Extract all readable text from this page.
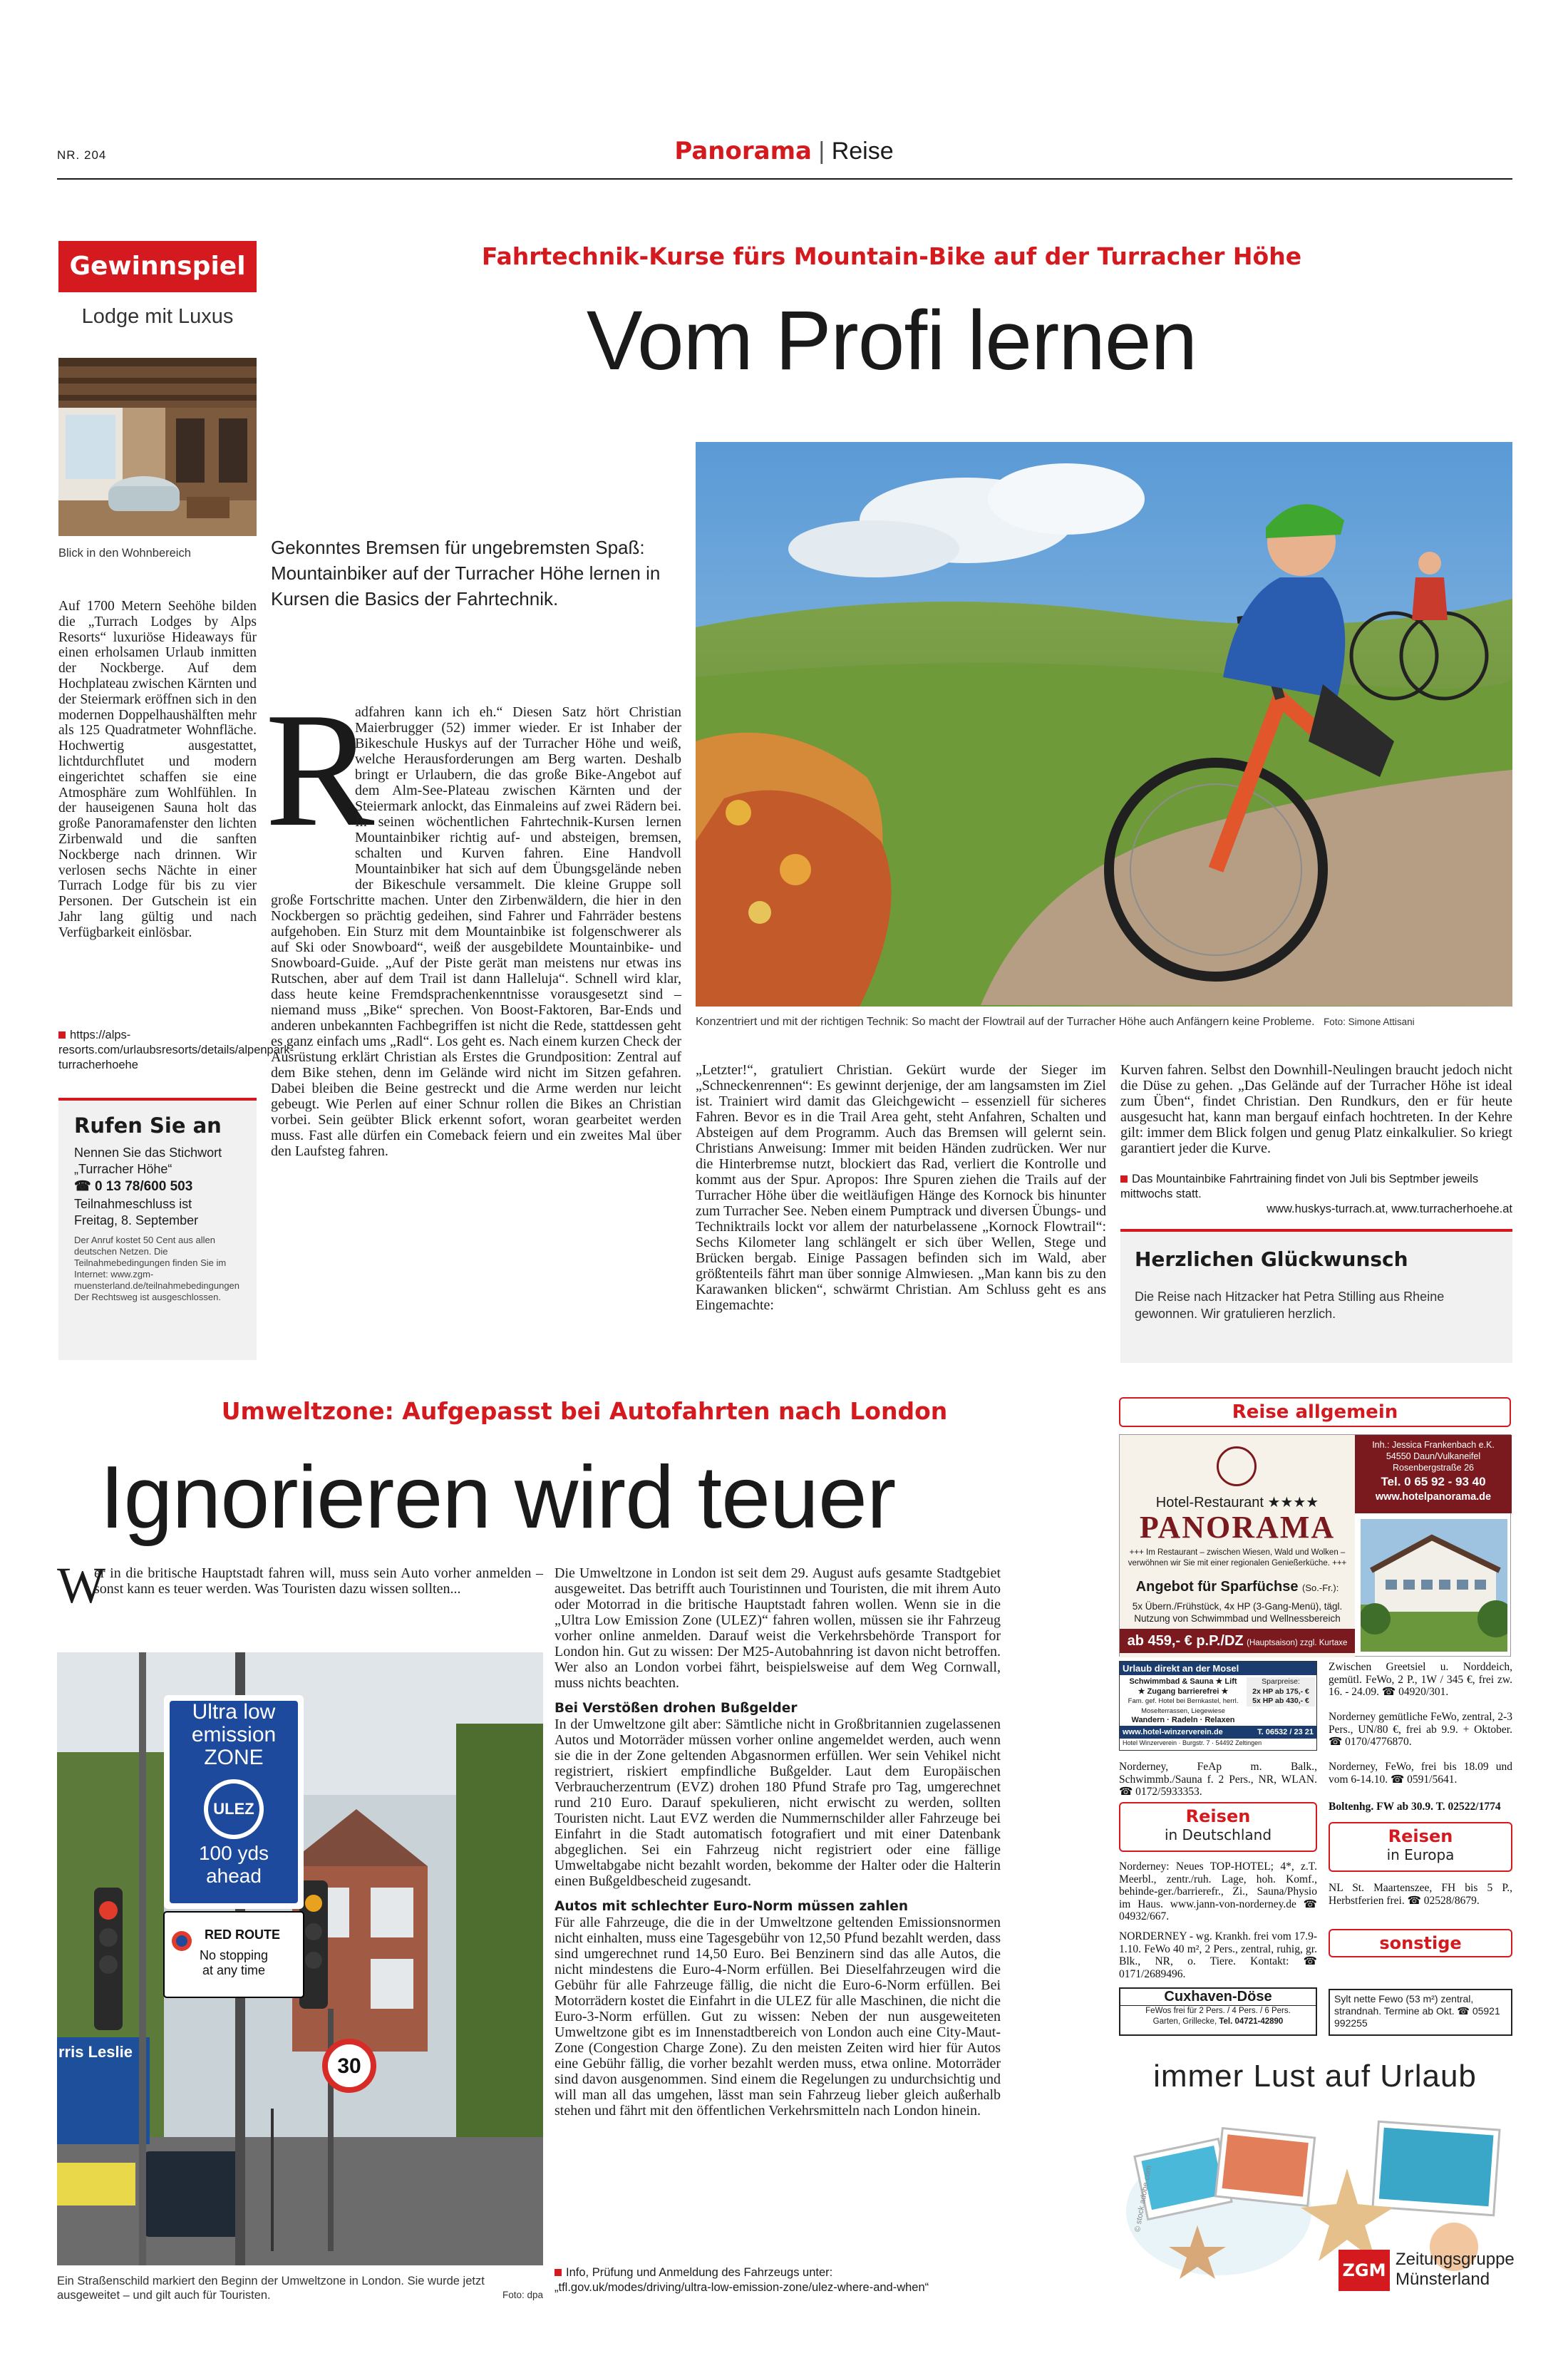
NR. 204	Panorama | Reise
Gewinnspiel
Lodge mit Luxus
Blick in den Wohnbereich

Auf 1700 Metern Seehöhe bilden die „Turrach Lodges by Alps Resorts“ luxuriöse Hideaways für einen erholsamen Urlaub inmitten der Nockberge. Auf dem Hochplateau zwischen Kärnten und der Steiermark eröffnen sich in den modernen Doppelhaushälften mehr als 125 Quadratmeter Wohnfläche. Hochwertig ausgestattet, lichtdurchflutet und modern eingerichtet schaffen sie eine Atmosphäre zum Wohlfühlen. In der hauseigenen Sauna holt das große Panoramafenster den lichten Zirbenwald und die sanften Nockberge nach drinnen. Wir verlosen sechs Nächte in einer Turrach Lodge für bis zu vier Personen. Der Gutschein ist ein Jahr lang gültig und nach Verfügbarkeit einlösbar.

https://alps-resorts.com/urlaubsresorts/details/alpenpark-turracherhoehe
Rufen Sie an
Nennen Sie das Stichwort
„Turracher Höhe“
☎ 0 13 78/600 503
Teilnahmeschluss ist
Freitag, 8. September
Der Anruf kostet 50 Cent aus allen deutschen Netzen. Die Teilnahmebedingungen finden Sie im Internet: www.zgm-muensterland.de/teilnahmebedingungen Der Rechtsweg ist ausgeschlossen.
Fahrtechnik-Kurse fürs Mountain-Bike auf der Turracher Höhe
Vom Profi lernen
Gekonntes Bremsen für ungebremsten Spaß: Mountainbiker auf der Turracher Höhe lernen in Kursen die Basics der Fahrtechnik.
Konzentriert und mit der richtigen Technik: So macht der Flowtrail auf der Turracher Höhe auch Anfängern keine Probleme. Foto: Simone Attisani
R

adfahren kann ich eh.“ Diesen Satz hört Christian Maierbrugger (52) immer wieder. Er ist Inhaber der Bikeschule Huskys auf der Turracher Höhe und weiß, welche Herausforderungen am Berg warten. Deshalb bringt er Urlaubern, die das große Bike-Angebot auf dem Alm-See-Plateau zwischen Kärnten und der Steiermark anlockt, das Einmaleins auf zwei Rädern bei. In seinen wöchentlichen Fahrtechnik-Kursen lernen Mountainbiker richtig auf- und absteigen, bremsen, schalten und Kurven fahren. Eine Handvoll Mountainbiker hat sich auf dem Übungsgelände neben der Bikeschule versammelt. Die kleine Gruppe soll große Fortschritte machen. Unter den Zirbenwäldern, die hier in den Nockbergen so prächtig gedeihen, sind Fahrer und Fahrräder bestens aufgehoben. Ein Sturz mit dem Mountainbike ist folgenschwerer als auf Ski oder Snowboard“, weiß der ausgebildete Mountainbike- und Snowboard-Guide. „Auf der Piste gerät man meistens nur etwas ins Rutschen, aber auf dem Trail ist dann Halleluja“. Schnell wird klar, dass heute keine Fremdsprachenkenntnisse vorausgesetzt sind – niemand muss „Bike“ sprechen. Von Boost-Faktoren, Bar-Ends und anderen unbekannten Fachbegriffen ist nicht die Rede, stattdessen geht es ganz einfach ums „Radl“. Los geht es. Nach einem kurzen Check der Ausrüstung erklärt Christian als Erstes die Grundposition: Zentral auf dem Bike stehen, denn im Gelände wird nicht im Sitzen gefahren. Dabei bleiben die Beine gestreckt und die Arme werden nur leicht gebeugt. Wie Perlen auf einer Schnur rollen die Bikes an Christian vorbei. Sein geübter Blick erkennt sofort, woran gearbeitet werden muss. Fast alle dürfen ein Comeback feiern und ein zweites Mal über den Laufsteg fahren.

„Letzter!“, gratuliert Christian. Gekürt wurde der Sieger im „Schneckenrennen“: Es gewinnt derjenige, der am langsamsten im Ziel ist. Trainiert wird damit das Gleichgewicht – essenziell für sicheres Fahren. Bevor es in die Trail Area geht, steht Anfahren, Schalten und Absteigen auf dem Programm. Auch das Bremsen will gelernt sein. Christians Anweisung: Immer mit beiden Händen zudrücken. Wer nur die Hinterbremse nutzt, blockiert das Rad, verliert die Kontrolle und kommt aus der Spur. Apropos: Ihre Spuren ziehen die Trails auf der Turracher Höhe über die weitläufigen Hänge des Kornock bis hinunter zum Turracher See. Neben einem Pumptrack und diversen Übungs- und Techniktrails lockt vor allem der naturbelassene „Kornock Flowtrail“: Sechs Kilometer lang schlängelt er sich über Wellen, Stege und Brücken bergab. Einige Passagen befinden sich im Wald, aber größtenteils fährt man über sonnige Almwiesen. „Man kann bis zu den Karawanken blicken“, schwärmt Christian. Am Schluss geht es ans Eingemachte:

Kurven fahren. Selbst den Downhill-Neulingen braucht jedoch nicht die Düse zu gehen. „Das Gelände auf der Turracher Höhe ist ideal zum Üben“, findet Christian. Den Rundkurs, den er für heute ausgesucht hat, kann man bergauf einfach hochtreten. In der Kehre gilt: immer dem Blick folgen und genug Platz einkalkulier. So kriegt garantiert jeder die Kurve.

Das Mountainbike Fahrtraining findet von Juli bis Septmber jeweils mittwochs statt.
www.huskys-turrach.at, www.turracherhoehe.at
Herzlichen Glückwunsch
Die Reise nach Hitzacker hat Petra Stilling aus Rheine gewonnen. Wir gratulieren herzlich.
Umweltzone: Aufgepasst bei Autofahrten nach London
Ignorieren wird teuer
W

er in die britische Hauptstadt fahren will, muss sein Auto vorher anmelden – sonst kann es teuer werden. Was Touristen dazu wissen sollten...

Ultra low
emission
ZONE
ULEZ
100 yds
ahead
RED ROUTE
No stopping
at any time
30
rris Leslie
Ein Straßenschild markiert den Beginn der Umweltzone in London. Sie wurde jetzt ausgeweitet – und gilt auch für Touristen.	Foto: dpa

Die Umweltzone in London ist seit dem 29. August aufs gesamte Stadtgebiet ausgeweitet. Das betrifft auch Touristinnen und Touristen, die mit ihrem Auto oder Motorrad in die britische Hauptstadt fahren wollen. Wenn sie in die „Ultra Low Emission Zone (ULEZ)“ fahren wollen, müssen sie ihr Fahrzeug vorher online anmelden. Darauf weist die Verkehrsbehörde Transport for London hin. Gut zu wissen: Der M25-Autobahnring ist davon nicht betroffen. Wer also an London vorbei fährt, beispielsweise auf dem Weg Cornwall, muss nichts beachten.

Bei Verstößen drohen Bußgelder

In der Umweltzone gilt aber: Sämtliche nicht in Großbritannien zugelassenen Autos und Motorräder müssen vorher online angemeldet werden, auch wenn sie die in der Zone geltenden Abgasnormen erfüllen. Wer sein Vehikel nicht registriert, riskiert empfindliche Bußgelder. Laut dem Europäischen Verbraucherzentrum (EVZ) drohen 180 Pfund Strafe pro Tag, umgerechnet rund 210 Euro. Darauf spekulieren, nicht erwischt zu werden, sollten Touristen nicht. Laut EVZ werden die Nummernschilder aller Fahrzeuge bei Einfahrt in die Stadt automatisch fotografiert und mit einer Datenbank abgeglichen. Sei ein Fahrzeug nicht registriert oder eine fällige Umweltabgabe nicht bezahlt worden, bekomme der Halter oder die Halterin einen Bußgeldbescheid zugesandt.

Autos mit schlechter Euro-Norm müssen zahlen

Für alle Fahrzeuge, die die in der Umweltzone geltenden Emissionsnormen nicht einhalten, muss eine Tagesgebühr von 12,50 Pfund bezahlt werden, dass sind umgerechnet rund 14,50 Euro. Bei Benzinern sind das alle Autos, die nicht mindestens die Euro-4-Norm erfüllen. Bei Dieselfahrzeugen wird die Gebühr für alle Fahrzeuge fällig, die nicht die Euro-6-Norm erfüllen. Bei Motorrädern kostet die Einfahrt in die ULEZ für alle Maschinen, die nicht die Euro-3-Norm erfüllen. Gut zu wissen: Neben der nun ausgeweiteten Umweltzone gibt es im Innenstadtbereich von London auch eine City-Maut-Zone (Congestion Charge Zone). Zu den meisten Zeiten wird hier für Autos eine Gebühr fällig, die vorher bezahlt werden muss, etwa online. Motorräder sind davon ausgenommen. Sind einem die Regelungen zu undurchsichtig und will man all das umgehen, lässt man sein Fahrzeug lieber gleich außerhalb stehen und fährt mit den öffentlichen Verkehrsmitteln nach London hinein.

Info, Prüfung und Anmeldung des Fahrzeugs unter:
„tfl.gov.uk/modes/driving/ultra-low-emission-zone/ulez-where-and-when“
Reise allgemein
Inh.: Jessica Frankenbach e.K.
54550 Daun/Vulkaneifel
Rosenbergstraße 26
Tel. 0 65 92 - 93 40
www.hotelpanorama.de
Hotel-Restaurant ★★★★
PANORAMA
+++ Im Restaurant – zwischen Wiesen, Wald und Wolken – verwöhnen wir Sie mit einer regionalen Genießerküche. +++
Angebot für Sparfüchse (So.-Fr.):
5x Übern./Frühstück, 4x HP (3-Gang-Menü), tägl. Nutzung von Schwimmbad und Wellnessbereich
ab 459,- € p.P./DZ (Hauptsaison) zzgl. Kurtaxe
Urlaub direkt an der Mosel
Schwimmbad & Sauna ★ Lift
★ Zugang barrierefrei ★
Fam. gef. Hotel bei Bernkastel, herrl. Moselterrassen, Liegewiese
Wandern · Radeln · Relaxen
Sparpreise:
2x HP ab 175,- €
5x HP ab 430,- €
www.hotel-winzerverein.de	T. 06532 / 23 21
Hotel Winzerverein · Burgstr. 7 · 54492 Zeltingen
Zwischen Greetsiel u. Norddeich, gemütl. FeWo, 2 P., 1W / 345 €, frei zw. 16. - 24.09. ☎ 04920/301.
Norderney gemütliche FeWo, zentral, 2-3 Pers., UN/80 €, frei ab 9.9. + Oktober. ☎ 0170/4776870.
Norderney, FeAp m. Balk., Schwimmb./Sauna f. 2 Pers., NR, WLAN. ☎ 0172/5933353.
Norderney, FeWo, frei bis 18.09 und vom 6-14.10. ☎ 0591/5641.
Boltenhg. FW ab 30.9. T. 02522/1774
Reisen
in Deutschland	Reisen
in Europa
Norderney: Neues TOP-HOTEL; 4*, z.T. Meerbl., zentr./ruh. Lage, hoh. Komf., behinde-ger./barrierefr., Zi., Sauna/Physio im Haus. www.jann-von-norderney.de ☎ 04932/667.
NL St. Maartenszee, FH bis 5 P., Herbstferien frei. ☎ 02528/8679.
sonstige
NORDERNEY - wg. Krankh. frei vom 17.9-1.10. FeWo 40 m², 2 Pers., zentral, ruhig, gr. Blk., NR, o. Tiere. Kontakt: ☎ 0171/2689496.
Cuxhaven-Döse
FeWos frei für 2 Pers. / 4 Pers. / 6 Pers.
Garten, Grillecke, Tel. 04721-42890
Sylt nette Fewo (53 m²) zentral, strandnah. Termine ab Okt. ☎ 05921 992255
immer Lust auf Urlaub
© stock.adobe.com
ZGM
Zeitungsgruppe
Münsterland
